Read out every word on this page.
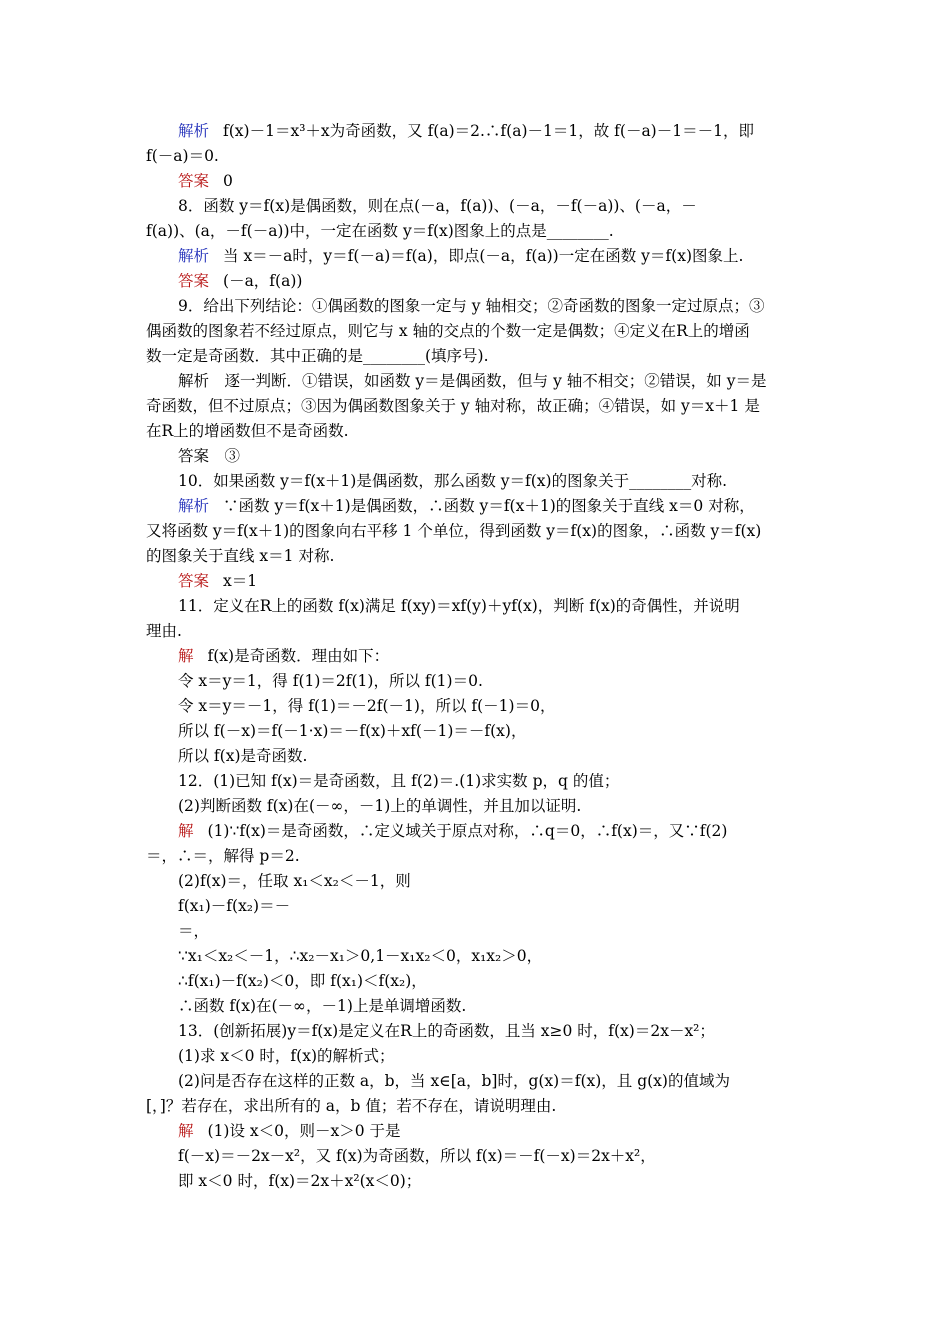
解析 f(x)－1＝x³＋x为奇函数，又 f(a)＝2.∴f(a)－1＝1，故 f(－a)－1＝－1，即
f(－a)＝0.
答案 0
8．函数 y＝f(x)是偶函数，则在点(－a，f(a))、(－a，－f(－a))、(－a，－
f(a))、(a，－f(－a))中，一定在函数 y＝f(x)图象上的点是________.
解析 当 x＝－a时，y＝f(－a)＝f(a)，即点(－a，f(a))一定在函数 y＝f(x)图象上.
答案 (－a，f(a))
9．给出下列结论：①偶函数的图象一定与 y 轴相交；②奇函数的图象一定过原点；③
偶函数的图象若不经过原点，则它与 x 轴的交点的个数一定是偶数；④定义在R上的增函
数一定是奇函数．其中正确的是________(填序号).
解析　逐一判断．①错误，如函数 y＝是偶函数，但与 y 轴不相交；②错误，如 y＝是
奇函数，但不过原点；③因为偶函数图象关于 y 轴对称，故正确；④错误，如 y＝x＋1 是
在R上的增函数但不是奇函数.
答案　③
10．如果函数 y＝f(x＋1)是偶函数，那么函数 y＝f(x)的图象关于________对称.
解析 ∵函数 y＝f(x＋1)是偶函数，∴函数 y＝f(x＋1)的图象关于直线 x＝0 对称，
又将函数 y＝f(x＋1)的图象向右平移 1 个单位，得到函数 y＝f(x)的图象，∴函数 y＝f(x)
的图象关于直线 x＝1 对称.
答案 x＝1
11．定义在R上的函数 f(x)满足 f(xy)＝xf(y)＋yf(x)，判断 f(x)的奇偶性，并说明
理由.
解 f(x)是奇函数．理由如下：
令 x＝y＝1，得 f(1)＝2f(1)，所以 f(1)＝0.
令 x＝y＝－1，得 f(1)＝－2f(－1)，所以 f(－1)＝0，
所以 f(－x)＝f(－1·x)＝－f(x)＋xf(－1)＝－f(x)，
所以 f(x)是奇函数.
12．(1)已知 f(x)＝是奇函数，且 f(2)＝.(1)求实数 p，q 的值；
(2)判断函数 f(x)在(－∞，－1)上的单调性，并且加以证明.
解 (1)∵f(x)＝是奇函数，∴定义域关于原点对称，∴q＝0，∴f(x)＝，又∵f(2)
＝，∴＝，解得 p＝2.
(2)f(x)＝，任取 x₁＜x₂＜－1，则
f(x₁)－f(x₂)＝－
＝，
∵x₁＜x₂＜－1，∴x₂－x₁＞0,1－x₁x₂＜0，x₁x₂＞0，
∴f(x₁)－f(x₂)＜0，即 f(x₁)＜f(x₂)，
∴函数 f(x)在(－∞，－1)上是单调增函数.
13．(创新拓展)y＝f(x)是定义在R上的奇函数，且当 x≥0 时，f(x)＝2x－x²；
(1)求 x＜0 时，f(x)的解析式；
(2)问是否存在这样的正数 a，b，当 x∈[a，b]时，g(x)＝f(x)，且 g(x)的值域为
[，]？若存在，求出所有的 a，b 值；若不存在，请说明理由.
解 (1)设 x＜0，则－x＞0 于是
f(－x)＝－2x－x²，又 f(x)为奇函数，所以 f(x)＝－f(－x)＝2x＋x²，
即 x＜0 时，f(x)＝2x＋x²(x＜0)；
